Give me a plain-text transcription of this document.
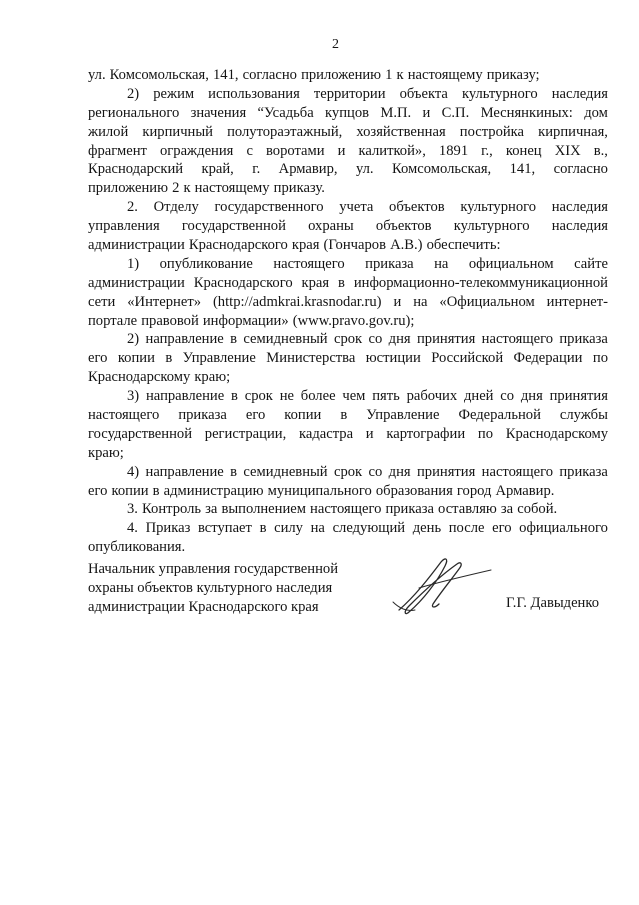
2
ул. Комсомольская, 141, согласно приложению 1 к настоящему приказу;
2) режим использования территории объекта культурного наследия
регионального значения “Усадьба купцов М.П. и С.П. Меснянкиных: дом
жилой кирпичный полутораэтажный, хозяйственная постройка кирпичная,
фрагмент ограждения с воротами и калиткой», 1891 г., конец XIX в.,
Краснодарский край, г. Армавир, ул. Комсомольская, 141, согласно
приложению 2 к настоящему приказу.
2. Отделу государственного учета объектов культурного наследия
управления государственной охраны объектов культурного наследия
администрации Краснодарского края (Гончаров А.В.) обеспечить:
1) опубликование настоящего приказа на официальном сайте
администрации Краснодарского края в информационно-телекоммуникационной
сети «Интернет» (http://admkrai.krasnodar.ru) и на «Официальном интернет-
портале правовой информации» (www.pravo.gov.ru);
2) направление в семидневный срок со дня принятия настоящего приказа
его копии в Управление Министерства юстиции Российской Федерации по
Краснодарскому краю;
3) направление в срок не более чем пять рабочих дней со дня принятия
настоящего приказа его копии в Управление Федеральной службы
государственной регистрации, кадастра и картографии по Краснодарскому
краю;
4) направление в семидневный срок со дня принятия настоящего приказа
его копии в администрацию муниципального образования город Армавир.
3. Контроль за выполнением настоящего приказа оставляю за собой.
4. Приказ вступает в силу на следующий день после его официального
опубликования.
Начальник управления государственной
охраны объектов культурного наследия
администрации Краснодарского края	Г.Г. Давыденко
